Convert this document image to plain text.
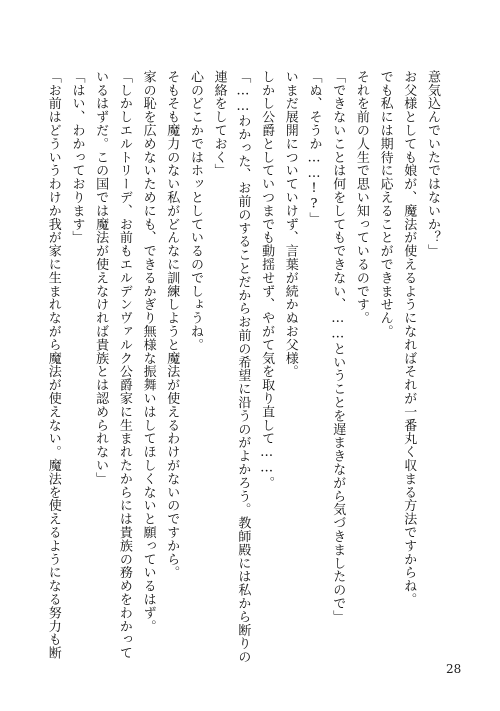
意気込んでいたではないか？」

お父様としても娘が、魔法が使えるようになればそれが一番丸く収まる方法ですからね。

でも私には期待に応えることができません。

それを前の人生で思い知っているのです。

「できないことは何をしてもできない、……ということを遅まきながら気づきましたので」

「ぬ、そうか……!?」

いまだ展開についていけず、言葉が続かぬお父様。

しかし公爵としていつまでも動揺せず、やがて気を取り直して……。

「……わかった、お前のすることだからお前の希望に沿うのがよかろう。教師殿には私から断りの

連絡をしておく」

心のどこかではホッとしているのでしょうね。

そもそも魔力のない私がどんなに訓練しようと魔法が使えるわけがないのですから。

家の恥を広めないためにも、できるかぎり無様な振舞いはしてほしくないと願っているはず。

「しかしエルトリーデ、お前もエルデンヴァルク公爵家に生まれたからには貴族の務めをわかって

いるはずだ。この国では魔法が使えなければ貴族とは認められない」

「はい、わかっております」

「お前はどういうわけか我が家に生まれながら魔法が使えない。魔法を使えるようになる努力も断

28
